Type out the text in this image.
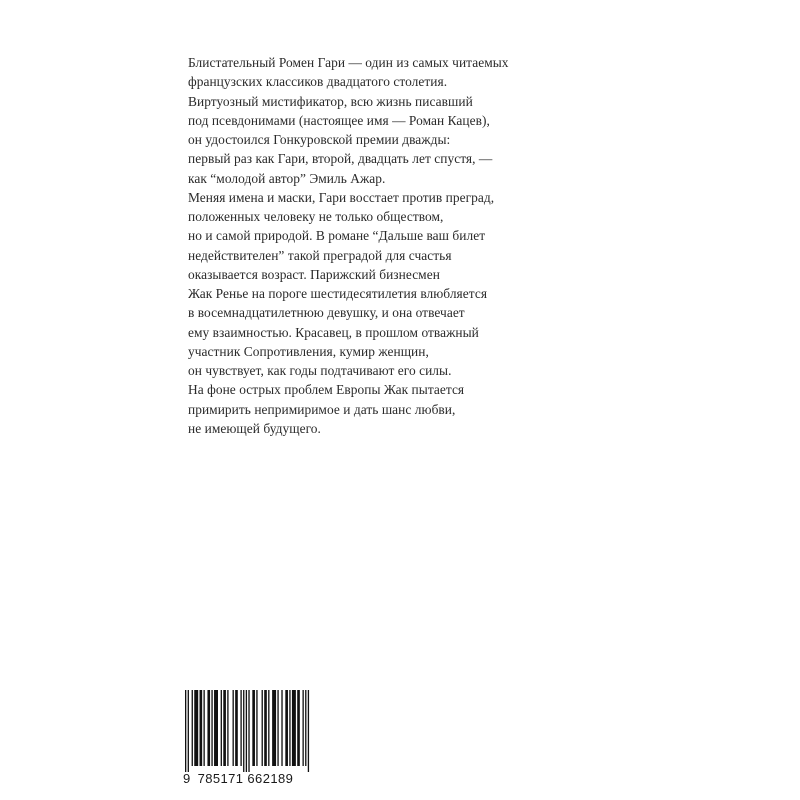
Блистательный Ромен Гари — один из самых читаемых
французских классиков двадцатого столетия.
Виртуозный мистификатор, всю жизнь писавший
под псевдонимами (настоящее имя — Роман Кацев),
он удостоился Гонкуровской премии дважды:
первый раз как Гари, второй, двадцать лет спустя, —
как “молодой автор” Эмиль Ажар.
Меняя имена и маски, Гари восстает против преград,
положенных человеку не только обществом,
но и самой природой. В романе “Дальше ваш билет
недействителен” такой преградой для счастья
оказывается возраст. Парижский бизнесмен
Жак Ренье на пороге шестидесятилетия влюбляется
в восемнадцатилетнюю девушку, и она отвечает
ему взаимностью. Красавец, в прошлом отважный
участник Сопротивления, кумир женщин,
он чувствует, как годы подтачивают его силы.
На фоне острых проблем Европы Жак пытается
примирить непримиримое и дать шанс любви,
не имеющей будущего.
9 785171 662189
